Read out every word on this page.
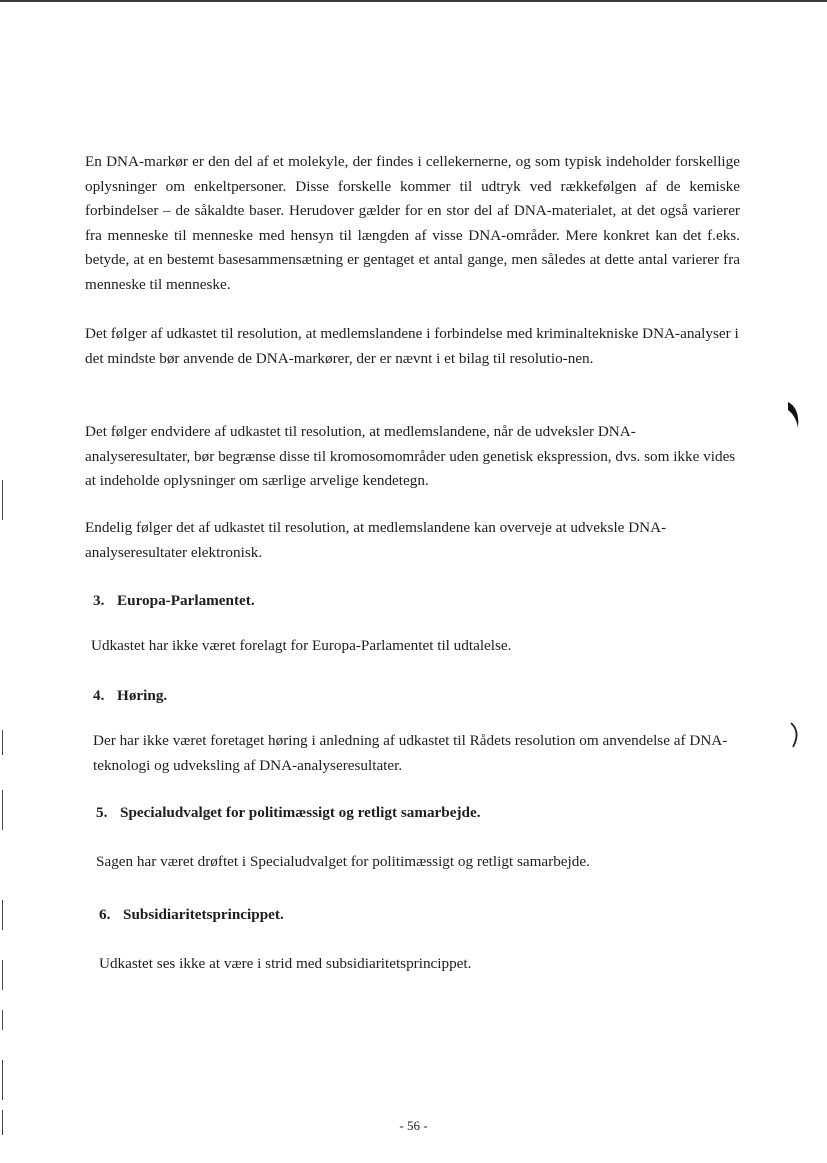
En DNA-markør er den del af et molekyle, der findes i cellekernerne, og som typisk indeholder forskellige oplysninger om enkeltpersoner. Disse forskelle kommer til udtryk ved rækkefølgen af de kemiske forbindelser – de såkaldte baser. Herudover gælder for en stor del af DNA-materialet, at det også varierer fra menneske til menneske med hensyn til længden af visse DNA-områder. Mere konkret kan det f.eks. betyde, at en bestemt basesammensætning er gentaget et antal gange, men således at dette antal varierer fra menneske til menneske.

Det følger af udkastet til resolution, at medlemslandene i forbindelse med kriminaltekniske DNA-analyser i det mindste bør anvende de DNA-markører, der er nævnt i et bilag til resolutio-nen.

Det følger endvidere af udkastet til resolution, at medlemslandene, når de udveksler DNA-analyseresultater, bør begrænse disse til kromosomområder uden genetisk ekspression, dvs. som ikke vides at indeholde oplysninger om særlige arvelige kendetegn.

Endelig følger det af udkastet til resolution, at medlemslandene kan overveje at udveksle DNA-analyseresultater elektronisk.

3. Europa-Parlamentet.

Udkastet har ikke været forelagt for Europa-Parlamentet til udtalelse.

4. Høring.

Der har ikke været foretaget høring i anledning af udkastet til Rådets resolution om anvendelse af DNA-teknologi og udveksling af DNA-analyseresultater.

5. Specialudvalget for politimæssigt og retligt samarbejde.

Sagen har været drøftet i Specialudvalget for politimæssigt og retligt samarbejde.

6. Subsidiaritetsprincippet.

Udkastet ses ikke at være i strid med subsidiaritetsprincippet.

- 56 -
